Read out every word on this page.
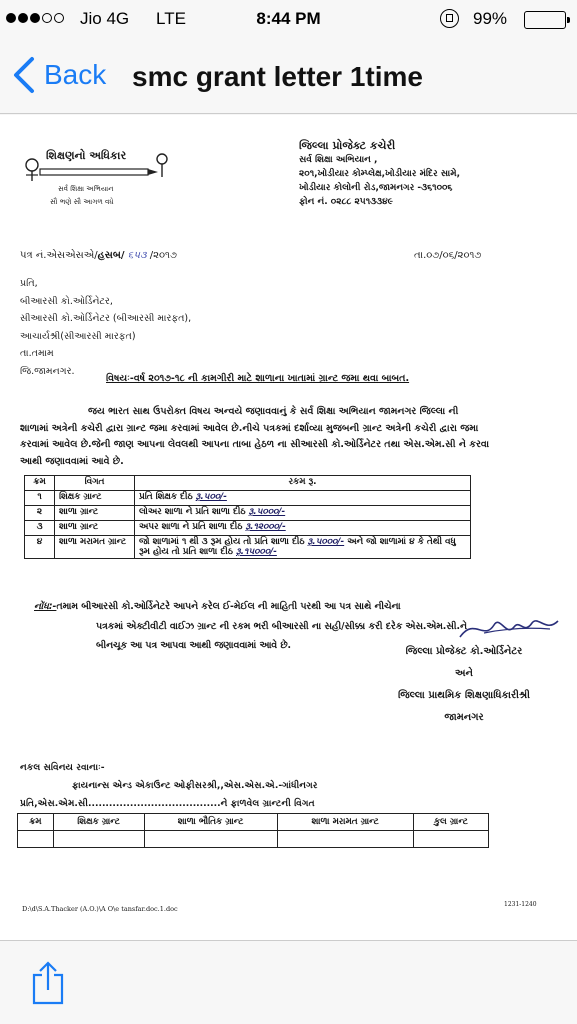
Jio 4G LTE	8:44 PM	99%
Back smc grant letter 1time
શિક્ષણનો અધિકાર
સર્વ શિક્ષા અભિયાન
સૌ ભણે સૌ આગળ વધે
જિલ્લા પ્રોજેક્ટ કચેરી
સર્વ શિક્ષા અભિયાન ,
૨૦૧,ખોડીયાર કોમ્પ્લેક્ષ,ખોડીયાર મંદિર સામે,
ખોડીયાર કોલોની રોડ,જામનગર -૩૬૧૦૦૬
ફોન નં. ૦૨૮૮ ૨૫૧૩૩૪૯
પત્ર નં.એસએસએ/હસબ/ ૬૫૩ /૨૦૧૭	તા.૦૭/૦૬/૨૦૧૭
પ્રતિ,
બીઆરસી કો.ઓર્ડિનેટર,
સીઆરસી કો.ઓર્ડિનેટર (બીઆરસી મારફત),
આચાર્યશ્રી(સીઆરસી મારફત)
તા.તમામ
જિ.જામનગર.
વિષયઃ-વર્ષ ૨૦૧૭-૧૮ ની કામગીરી માટે શાળાના ખાતામાં ગ્રાન્ટ જમા થવા બાબત.
જય ભારત સાથ ઉપરોક્ત વિષય અન્વયે જણાવવાનું કે સર્વ શિક્ષા અભિયાન જામનગર જિલ્લા ની શાળામાં અત્રેની કચેરી દ્વારા ગ્રાન્ટ જમા કરવામાં આવેલ છે.નીચે પત્રકમાં દર્શાવ્યા મુજબની ગ્રાન્ટ અત્રેની કચેરી દ્વારા જમા કરવામાં આવેલ છે.જેની જાણ આપના લેવલથી આપના તાબા હેઠળ ના સીઆરસી કો.ઓર્ડિનેટર તથા એસ.એમ.સી ને કરવા આથી જણાવવામાં આવે છે.
ક્રમ	વિગત	રકમ રૂ.
૧	શિક્ષક ગ્રાન્ટ	પ્રતિ શિક્ષક દીઠ રૂ.૫૦૦/-
૨	શાળા ગ્રાન્ટ	લોઅર શાળા ને પ્રતિ શાળા દીઠ રૂ.૫૦૦૦/-
૩	શાળા ગ્રાન્ટ	અપર શાળા ને પ્રતિ શાળા દીઠ રૂ.૧૨૦૦૦/-
૪	શાળા મરામત ગ્રાન્ટ	જો શાળામાં ૧ થી ૩ રૂમ હોય તો પ્રતિ શાળા દીઠ રૂ.૫૦૦૦/- અને જો શાળામાં ૪ કે તેથી વધુ રૂમ હોય તો પ્રતિ શાળા દીઠ રૂ.૧૫૦૦૦/-
નોંધ:-તમામ બીઆરસી કો.ઓર્ડિનેટરે આપને કરેલ ઈ-મેઈલ ની માહિતી પરથી આ પત્ર સાથે નીચેના
પત્રકમાં એક્ટીવીટી વાઈઝ ગ્રાન્ટ ની રકમ ભરી બીઆરસી ના સહી/સીક્કા કરી દરેક એસ.એમ.સી.ને
બીનચૂક આ પત્ર આપવા આથી જણાવવામાં આવે છે.
જિલ્લા પ્રોજેક્ટ કો.ઓર્ડિનેટર
અને
જિલ્લા પ્રાથમિક શિક્ષણાધિકારીશ્રી
જામનગર
નકલ સવિનય રવાનાઃ-
ફાયનાન્સ એન્ડ એકાઉન્ટ ઓફીસરશ્રી,,એસ.એસ.એ.-ગાંધીનગર
પ્રતિ,એસ.એમ.સી......................................ને ફાળવેલ ગ્રાન્ટની વિગત
ક્રમ	શિક્ષક ગ્રાન્ટ	શાળા ભૌતિક ગ્રાન્ટ	શાળા મરામત ગ્રાન્ટ	કુલ ગ્રાન્ટ

D:\d\S.A.Thacker (A.O.)\A O\e tansfar.doc.1.doc
1231-1240
